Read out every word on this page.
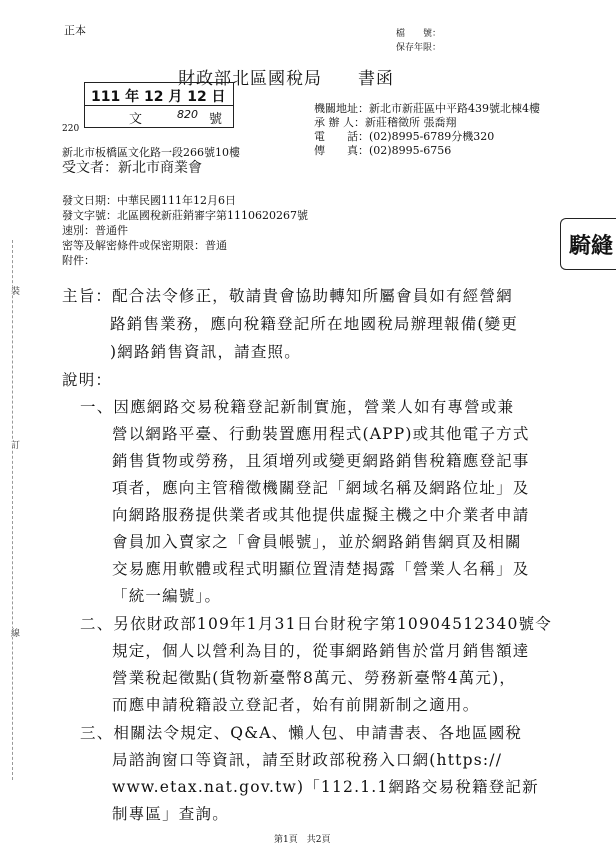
正本	檔　　號：
保存年限：
財政部北區國稅局　　書函
111 年 12 月 12 日
文	820 號
機關地址：新北市新莊區中平路439號北棟4樓
承 辦 人：新莊稽徵所 張喬翔
電　　話：(02)8995-6789分機320
傳　　真：(02)8995-6756
220
新北市板橋區文化路一段266號10樓
受文者：新北市商業會
發文日期：中華民國111年12月6日
發文字號：北區國稅新莊銷審字第1110620267號
速別：普通件
密等及解密條件或保密期限：普通
附件：
騎縫
裝
訂
線
主旨：配合法令修正，敬請貴會協助轉知所屬會員如有經營網
路銷售業務，應向稅籍登記所在地國稅局辦理報備(變更
)網路銷售資訊，請查照。
說明：
一、因應網路交易稅籍登記新制實施，營業人如有專營或兼
營以網路平臺、行動裝置應用程式(APP)或其他電子方式
銷售貨物或勞務，且須增列或變更網路銷售稅籍應登記事
項者，應向主管稽徵機關登記「網域名稱及網路位址」及
向網路服務提供業者或其他提供虛擬主機之中介業者申請
會員加入賣家之「會員帳號」，並於網路銷售網頁及相關
交易應用軟體或程式明顯位置清楚揭露「營業人名稱」及
「統一編號」。
二、另依財政部109年1月31日台財稅字第10904512340號令
規定，個人以營利為目的，從事網路銷售於當月銷售額達
營業稅起徵點(貨物新臺幣8萬元、勞務新臺幣4萬元)，
而應申請稅籍設立登記者，始有前開新制之適用。
三、相關法令規定、Q&A、懶人包、申請書表、各地區國稅
局諮詢窗口等資訊，請至財政部稅務入口網(https://
www.etax.nat.gov.tw)「112.1.1網路交易稅籍登記新
制專區」查詢。
第1頁　共2頁
